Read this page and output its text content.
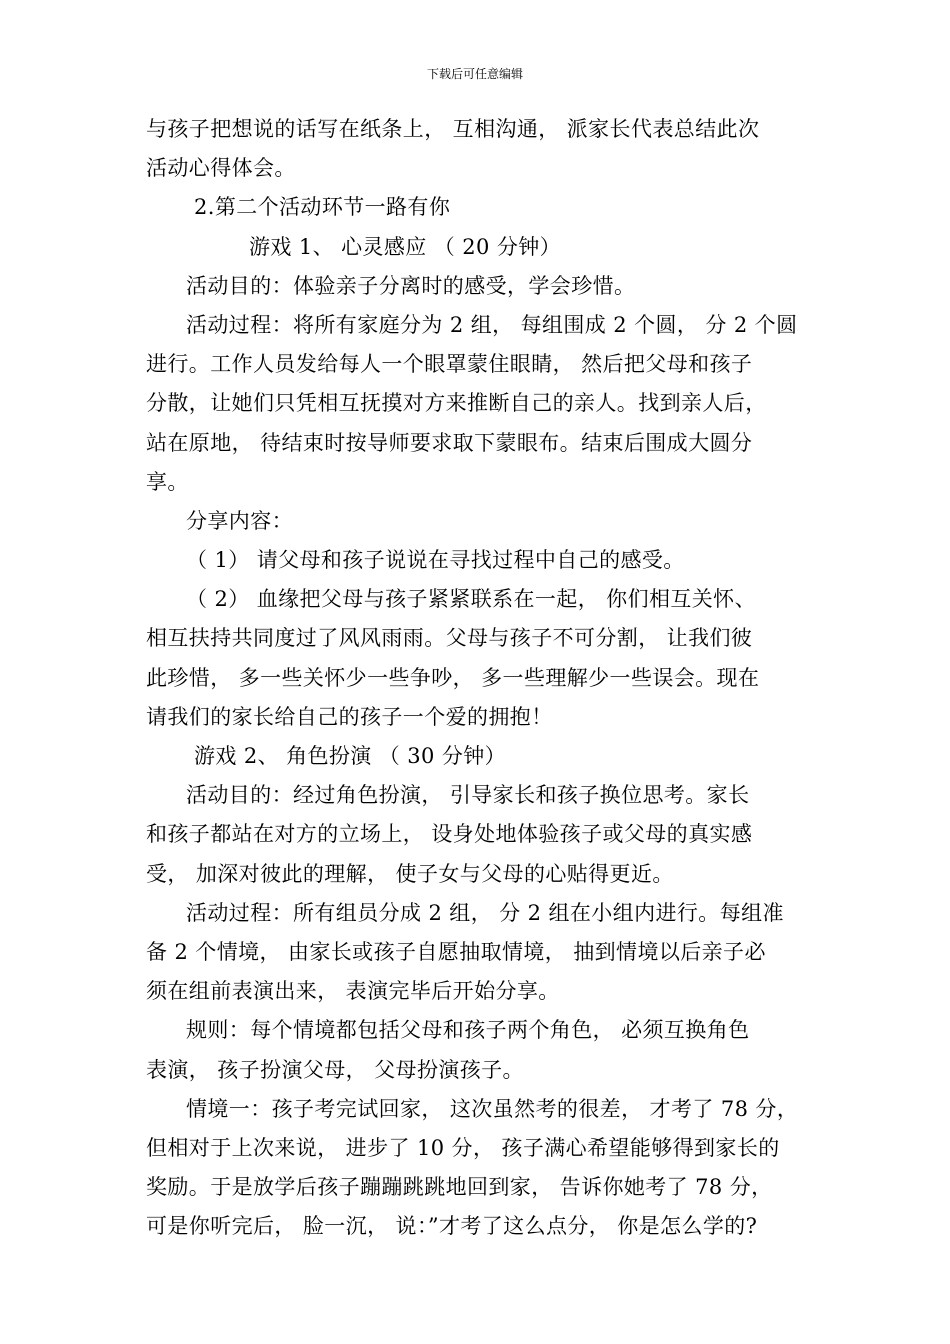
下载后可任意编辑
与孩子把想说的话写在纸条上， 互相沟通， 派家长代表总结此次
活动心得体会。
2.第二个活动环节一路有你
游戏 1、 心灵感应 （ 20 分钟）
活动目的：体验亲子分离时的感受，学会珍惜。
活动过程：将所有家庭分为 2 组， 每组围成 2 个圆， 分 2 个圆
进行。工作人员发给每人一个眼罩蒙住眼睛， 然后把父母和孩子
分散，让她们只凭相互抚摸对方来推断自己的亲人。找到亲人后，
站在原地， 待结束时按导师要求取下蒙眼布。结束后围成大圆分
享。
分享内容：
（ 1） 请父母和孩子说说在寻找过程中自己的感受。
（ 2） 血缘把父母与孩子紧紧联系在一起， 你们相互关怀、
相互扶持共同度过了风风雨雨。父母与孩子不可分割， 让我们彼
此珍惜， 多一些关怀少一些争吵， 多一些理解少一些误会。现在
请我们的家长给自己的孩子一个爱的拥抱！
游戏 2、 角色扮演 （ 30 分钟）
活动目的：经过角色扮演， 引导家长和孩子换位思考。家长
和孩子都站在对方的立场上， 设身处地体验孩子或父母的真实感
受， 加深对彼此的理解， 使子女与父母的心贴得更近。
活动过程：所有组员分成 2 组， 分 2 组在小组内进行。每组准
备 2 个情境， 由家长或孩子自愿抽取情境， 抽到情境以后亲子必
须在组前表演出来， 表演完毕后开始分享。
规则：每个情境都包括父母和孩子两个角色， 必须互换角色
表演， 孩子扮演父母， 父母扮演孩子。
情境一：孩子考完试回家， 这次虽然考的很差， 才考了 78 分，
但相对于上次来说， 进步了 10 分， 孩子满心希望能够得到家长的
奖励。于是放学后孩子蹦蹦跳跳地回到家， 告诉你她考了 78 分，
可是你听完后， 脸一沉， 说：”才考了这么点分， 你是怎么学的?
